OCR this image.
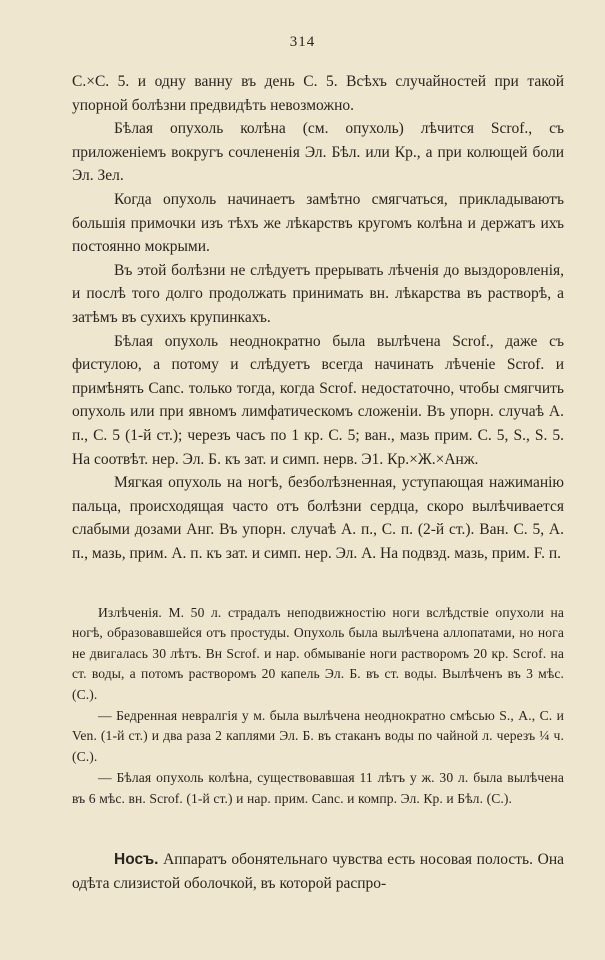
314

C.×C. 5. и одну ванну въ день C. 5. Всѣхъ случайностей при такой упорной болѣзни предвидѣть невозможно.

Бѣлая опухоль колѣна (см. опухоль) лѣчится Scrof., съ приложеніемъ вокругъ сочлененія Эл. Бѣл. или Кр., а при колющей боли Эл. Зел.

Когда опухоль начинаетъ замѣтно смягчаться, прикладываютъ большія примочки изъ тѣхъ же лѣкарствъ кругомъ колѣна и держатъ ихъ постоянно мокрыми.

Въ этой болѣзни не слѣдуетъ прерывать лѣченія до выздоровленія, и послѣ того долго продолжать принимать вн. лѣкарства въ растворѣ, а затѣмъ въ сухихъ крупинкахъ.

Бѣлая опухоль неоднократно была вылѣчена Scrof., даже съ фистулою, а потому и слѣдуетъ всегда начинать лѣченіе Scrof. и примѣнять Canc. только тогда, когда Scrof. недостаточно, чтобы смягчить опухоль или при явномъ лимфатическомъ сложеніи. Въ упорн. случаѣ А. п., C. 5 (1-й ст.); черезъ часъ по 1 кр. C. 5; ван., мазь прим. C. 5, S., S. 5. На соотвѣт. нер. Эл. Б. къ зат. и симп. нерв. Э1. Кр.×Ж.×Анж.

Мягкая опухоль на ногѣ, безболѣзненная, уступающая нажиманію пальца, происходящая часто отъ болѣзни сердца, скоро вылѣчивается слабыми дозами Анг. Въ упорн. случаѣ А. п., C. п. (2-й ст.). Ван. C. 5, А. п., мазь, прим. А. п. къ зат. и симп. нер. Эл. А. На подвзд. мазь, прим. F. п.

Излѣченія. М. 50 л. страдалъ неподвижностію ноги вслѣдствіе опухоли на ногѣ, образовавшейся отъ простуды. Опухоль была вылѣчена аллопатами, но нога не двигалась 30 лѣтъ. Вн Scrof. и нар. обмываніе ноги растворомъ 20 кр. Scrof. на ст. воды, а потомъ растворомъ 20 капель Эл. Б. въ ст. воды. Вылѣченъ въ 3 мѣс. (С.).

— Бедренная невралгія у м. была вылѣчена неоднократно смѣсью S., А., C. и Ven. (1-й ст.) и два раза 2 каплями Эл. Б. въ стаканъ воды по чайной л. черезъ ¼ ч. (С.).

— Бѣлая опухоль колѣна, существовавшая 11 лѣтъ у ж. 30 л. была вылѣчена въ 6 мѣс. вн. Scrof. (1-й ст.) и нар. прим. Canc. и компр. Эл. Кр. и Бѣл. (С.).

Носъ. Аппаратъ обонятельнаго чувства есть носовая полость. Она одѣта слизистой оболочкой, въ которой распро-
